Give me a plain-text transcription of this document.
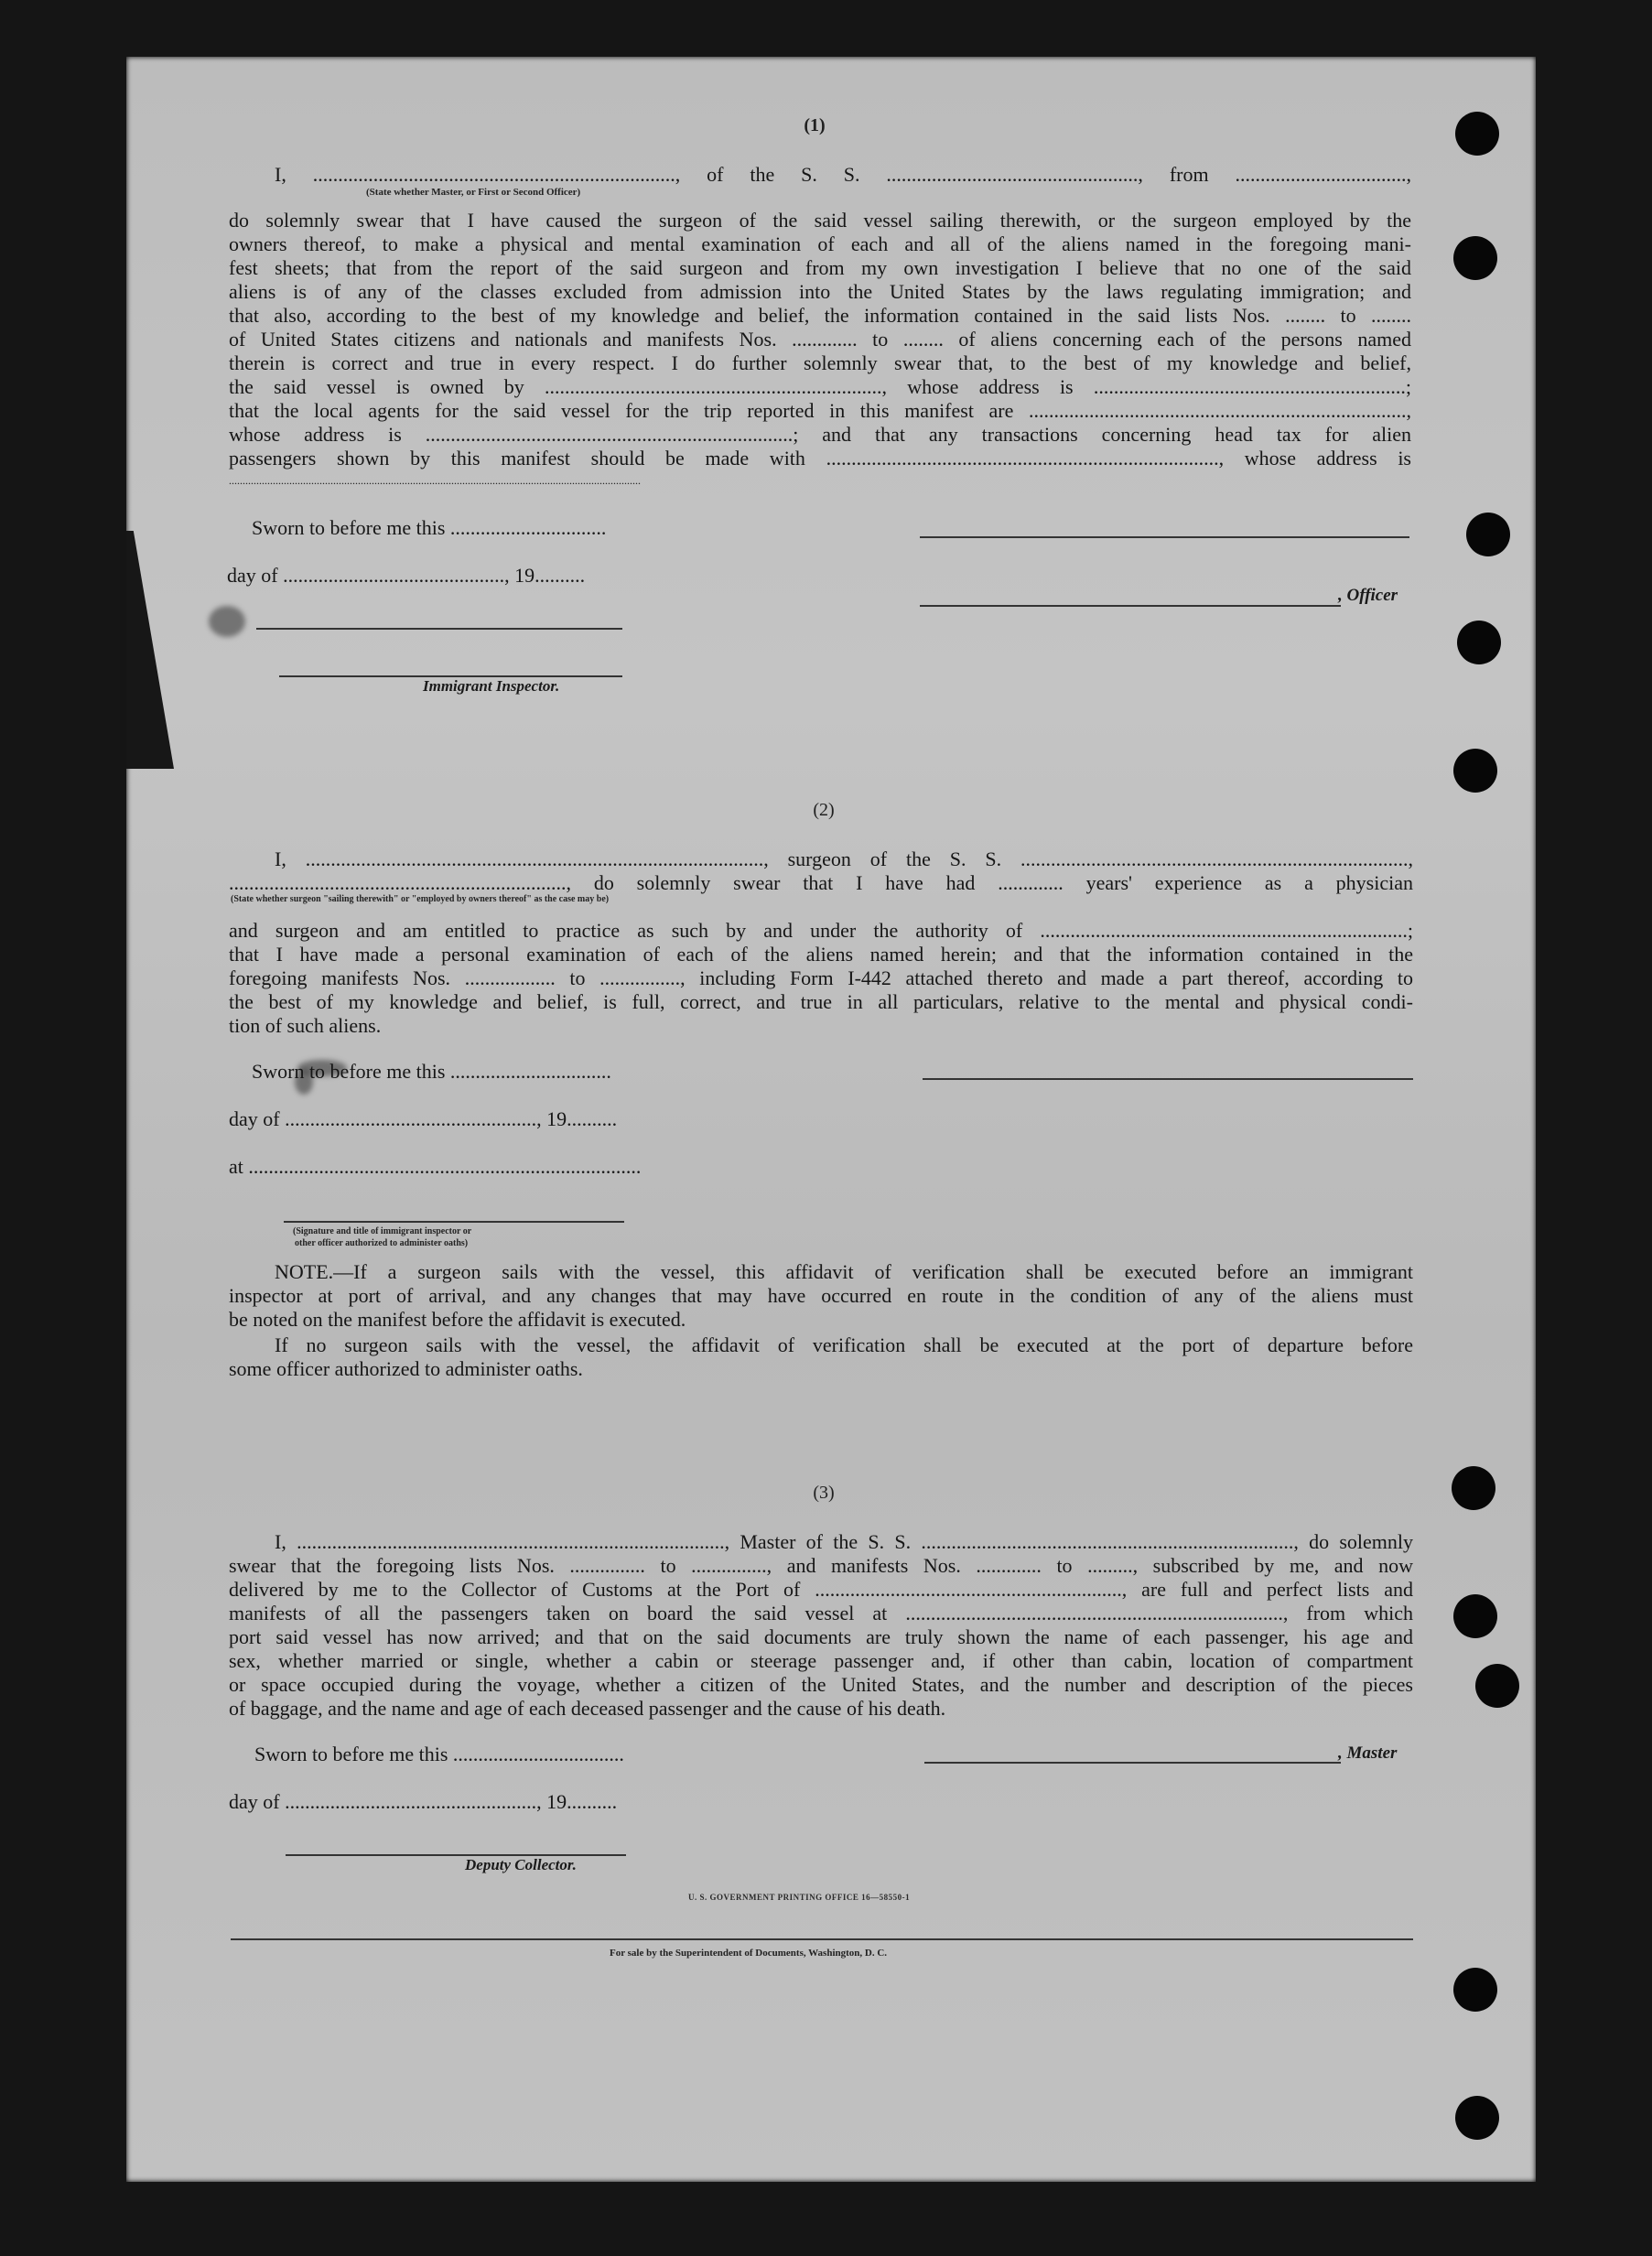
(1)
I, ........................................................................, of the S. S. .................................................., from ..................................,
(State whether Master, or First or Second Officer)
do solemnly swear that I have caused the surgeon of the said vessel sailing therewith, or the surgeon employed by the
owners thereof, to make a physical and mental examination of each and all of the aliens named in the foregoing mani-
fest sheets; that from the report of the said surgeon and from my own investigation I believe that no one of the said
aliens is of any of the classes excluded from admission into the United States by the laws regulating immigration; and
that also, according to the best of my knowledge and belief, the information contained in the said lists Nos. ........ to ........
of United States citizens and nationals and manifests Nos. ............. to ........ of aliens concerning each of the persons named
therein is correct and true in every respect. I do further solemnly swear that, to the best of my knowledge and belief,
the said vessel is owned by ..................................................................., whose address is ..............................................................;
that the local agents for the said vessel for the trip reported in this manifest are ...........................................................................,
whose address is .........................................................................; and that any transactions concerning head tax for alien
passengers shown by this manifest should be made with .............................................................................., whose address is
......................................................................................................................................................
Sworn to before me this ...............................
day of ............................................, 19..........
, Officer
Immigrant Inspector.
(2)
I, ..........................................................................................., surgeon of the S. S. .............................................................................,
..................................................................., do solemnly swear that I have had ............. years' experience as a physician
(State whether surgeon "sailing therewith" or "employed by owners thereof" as the case may be)
and surgeon and am entitled to practice as such by and under the authority of .........................................................................;
that I have made a personal examination of each of the aliens named herein; and that the information contained in the
foregoing manifests Nos. .................. to ................, including Form I-442 attached thereto and made a part thereof, according to
the best of my knowledge and belief, is full, correct, and true in all particulars, relative to the mental and physical condi-
tion of such aliens.
Sworn to before me this ................................
day of .................................................., 19..........
at ..............................................................................
(Signature and title of immigrant inspector or
other officer authorized to administer oaths)
NOTE.—If a surgeon sails with the vessel, this affidavit of verification shall be executed before an immigrant
inspector at port of arrival, and any changes that may have occurred en route in the condition of any of the aliens must
be noted on the manifest before the affidavit is executed.
If no surgeon sails with the vessel, the affidavit of verification shall be executed at the port of departure before
some officer authorized to administer oaths.
(3)
I, ....................................................................................., Master of the S. S. .........................................................................., do solemnly
swear that the foregoing lists Nos. ............... to ..............., and manifests Nos. ............. to ........., subscribed by me, and now
delivered by me to the Collector of Customs at the Port of ............................................................., are full and perfect lists and
manifests of all the passengers taken on board the said vessel at ..........................................................................., from which
port said vessel has now arrived; and that on the said documents are truly shown the name of each passenger, his age and
sex, whether married or single, whether a cabin or steerage passenger and, if other than cabin, location of compartment
or space occupied during the voyage, whether a citizen of the United States, and the number and description of the pieces
of baggage, and the name and age of each deceased passenger and the cause of his death.
Sworn to before me this ..................................	, Master
day of .................................................., 19..........
Deputy Collector.
U. S. GOVERNMENT PRINTING OFFICE 16—58550-1
For sale by the Superintendent of Documents, Washington, D. C.
